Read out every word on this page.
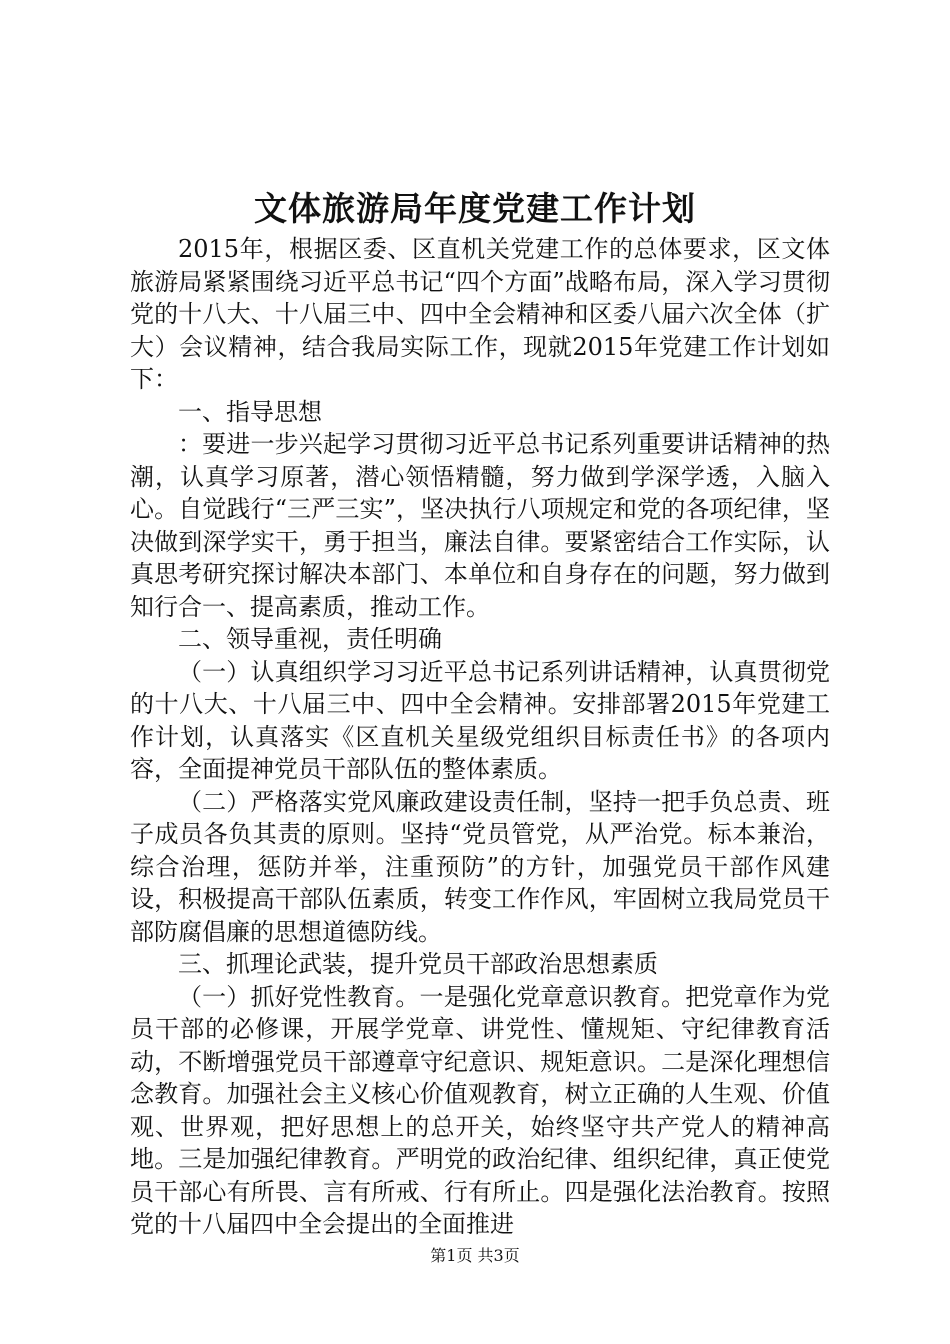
文体旅游局年度党建工作计划

2015年，根据区委、区直机关党建工作的总体要求，区文体旅游局紧紧围绕习近平总书记“四个方面”战略布局，深入学习贯彻党的十八大、十八届三中、四中全会精神和区委八届六次全体（扩大）会议精神，结合我局实际工作，现就2015年党建工作计划如下：

一、指导思想

：要进一步兴起学习贯彻习近平总书记系列重要讲话精神的热潮，认真学习原著，潜心领悟精髓，努力做到学深学透，入脑入心。自觉践行“三严三实”，坚决执行八项规定和党的各项纪律，坚决做到深学实干，勇于担当，廉法自律。要紧密结合工作实际，认真思考研究探讨解决本部门、本单位和自身存在的问题，努力做到知行合一、提高素质，推动工作。

二、领导重视，责任明确

（一）认真组织学习习近平总书记系列讲话精神，认真贯彻党的十八大、十八届三中、四中全会精神。安排部署2015年党建工作计划，认真落实《区直机关星级党组织目标责任书》的各项内容，全面提神党员干部队伍的整体素质。

（二）严格落实党风廉政建设责任制，坚持一把手负总责、班子成员各负其责的原则。坚持“党员管党，从严治党。标本兼治，综合治理，惩防并举，注重预防”的方针，加强党员干部作风建设，积极提高干部队伍素质，转变工作作风，牢固树立我局党员干部防腐倡廉的思想道德防线。

三、抓理论武装，提升党员干部政治思想素质

（一）抓好党性教育。一是强化党章意识教育。把党章作为党员干部的必修课，开展学党章、讲党性、懂规矩、守纪律教育活动，不断增强党员干部遵章守纪意识、规矩意识。二是深化理想信念教育。加强社会主义核心价值观教育，树立正确的人生观、价值观、世界观，把好思想上的总开关，始终坚守共产党人的精神高地。三是加强纪律教育。严明党的政治纪律、组织纪律，真正使党员干部心有所畏、言有所戒、行有所止。四是强化法治教育。按照党的十八届四中全会提出的全面推进

第1页 共3页
